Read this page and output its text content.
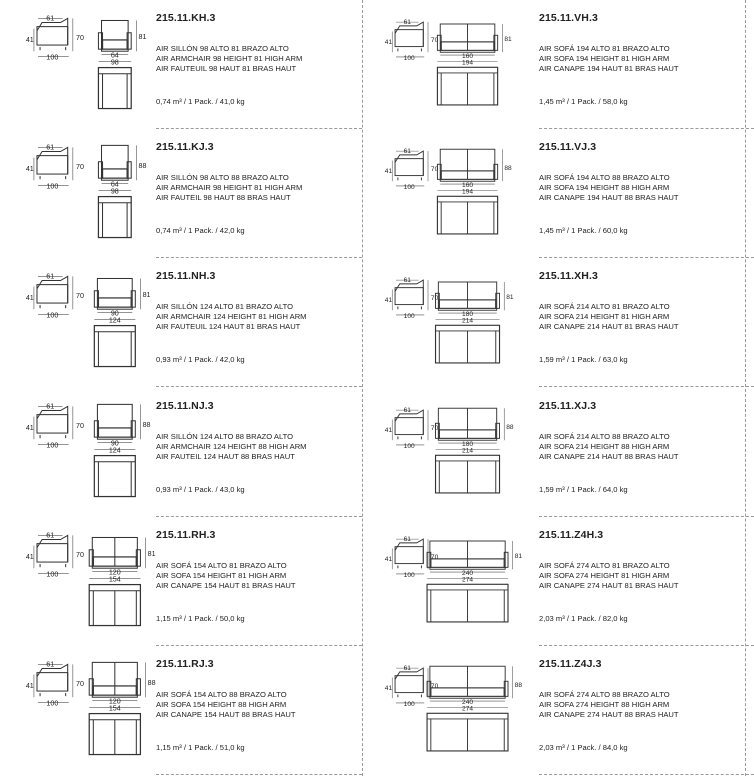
61
100
41	70	81
64
98
215.11.KH.3
AIR SILLÓN 98 ALTO 81 BRAZO ALTO
AIR ARMCHAIR 98 HEIGHT 81 HIGH ARM
AIR FAUTEUIL 98 HAUT 81 BRAS HAUT
0,74 m³ / 1 Pack. / 41,0 kg
61
100
41	70	88
64
98
215.11.KJ.3
AIR SILLÓN 98 ALTO 88 BRAZO ALTO
AIR ARMCHAIR 98 HEIGHT 81 HIGH ARM
AIR FAUTEIL 98 HAUT 88 BRAS HAUT
0,74 m³ / 1 Pack. / 42,0 kg
61
100
41	70	81
90
124
215.11.NH.3
AIR SILLÓN 124 ALTO 81 BRAZO ALTO
AIR ARMCHAIR 124 HEIGHT 81 HIGH ARM
AIR FAUTEUIL 124 HAUT 81 BRAS HAUT
0,93 m³ / 1 Pack. / 42,0 kg
61
100
41	70	88
90
124
215.11.NJ.3
AIR SILLÓN 124 ALTO 88 BRAZO ALTO
AIR ARMCHAIR 124 HEIGHT 88 HIGH ARM
AIR FAUTEIL 124 HAUT 88 BRAS HAUT
0,93 m³ / 1 Pack. / 43,0 kg
61
100
41	70	81
120
154
215.11.RH.3
AIR SOFÁ 154 ALTO 81 BRAZO ALTO
AIR SOFA 154 HEIGHT 81 HIGH ARM
AIR CANAPE 154 HAUT 81 BRAS HAUT
1,15 m³ / 1 Pack. / 50,0 kg
61
100
41	70	88
120
154
215.11.RJ.3
AIR SOFÁ 154 ALTO 88 BRAZO ALTO
AIR SOFA 154 HEIGHT 88 HIGH ARM
AIR CANAPE 154 HAUT 88 BRAS HAUT
1,15 m³ / 1 Pack. / 51,0 kg
61
100
41	70	81
160
194
215.11.VH.3
AIR SOFÁ 194 ALTO 81 BRAZO ALTO
AIR SOFA 194 HEIGHT 81 HIGH ARM
AIR CANAPE 194 HAUT 81 BRAS HAUT
1,45 m³ / 1 Pack. / 58,0 kg
61
100
41	70	88
160
194
215.11.VJ.3
AIR SOFÁ 194 ALTO 88 BRAZO ALTO
AIR SOFA 194 HEIGHT 88 HIGH ARM
AIR CANAPE 194 HAUT 88 BRAS HAUT
1,45 m³ / 1 Pack. / 60,0 kg
61
100
41	70	81
180
214
215.11.XH.3
AIR SOFÁ 214 ALTO 81 BRAZO ALTO
AIR SOFA 214 HEIGHT 81 HIGH ARM
AIR CANAPE 214 HAUT 81 BRAS HAUT
1,59 m³ / 1 Pack. / 63,0 kg
61
100
41	70	88
180
214
215.11.XJ.3
AIR SOFÁ 214 ALTO 88 BRAZO ALTO
AIR SOFA 214 HEIGHT 88 HIGH ARM
AIR CANAPE 214 HAUT 88 BRAS HAUT
1,59 m³ / 1 Pack. / 64,0 kg
61
100
41	70	81
240
274
215.11.Z4H.3
AIR SOFÁ 274 ALTO 81 BRAZO ALTO
AIR SOFA 274 HEIGHT 81 HIGH ARM
AIR CANAPE 274 HAUT 81 BRAS HAUT
2,03 m³ / 1 Pack. / 82,0 kg
61
100
41	70	88
240
274
215.11.Z4J.3
AIR SOFÁ 274 ALTO 88 BRAZO ALTO
AIR SOFA 274 HEIGHT 88 HIGH ARM
AIR CANAPE 274 HAUT 88 BRAS HAUT
2,03 m³ / 1 Pack. / 84,0 kg
